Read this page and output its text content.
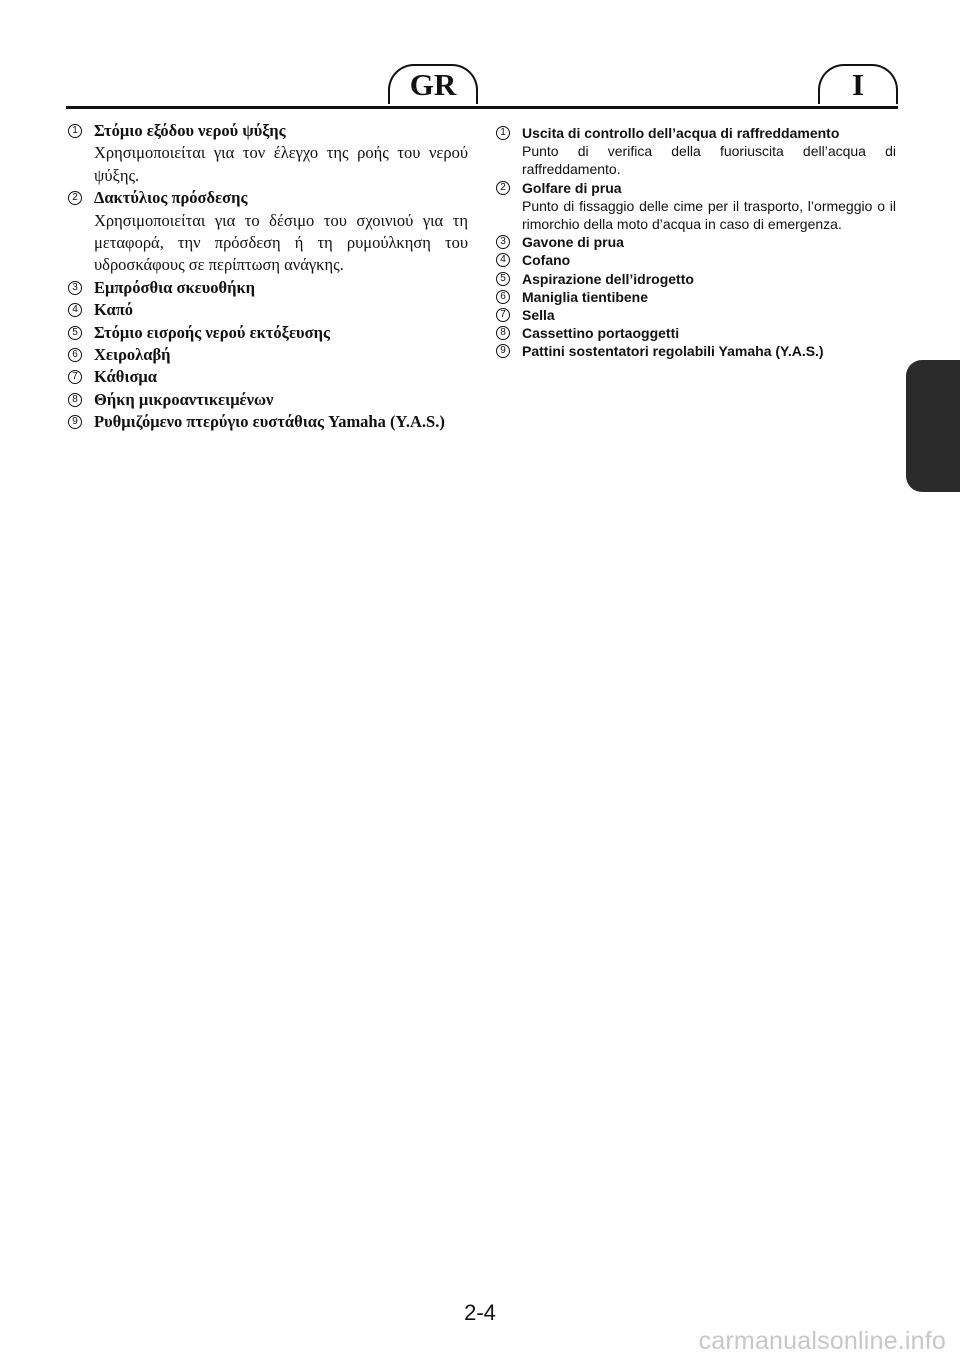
GR	I
1 Στόμιο εξόδου νερού ψύξης
Χρησιμοποιείται για τον έλεγχο της ροής του νερού ψύξης.
2 Δακτύλιος πρόσδεσης
Χρησιμοποιείται για το δέσιμο του σχοινιού για τη μεταφορά, την πρόσδεση ή τη ρυμούλκηση του υδροσκάφους σε περίπτωση ανάγκης.
3 Εμπρόσθια σκευοθήκη
4 Καπό
5 Στόμιο εισροής νερού εκτόξευσης
6 Χειρολαβή
7 Κάθισμα
8 Θήκη μικροαντικειμένων
9 Ρυθμιζόμενο πτερύγιο ευστάθιας Yamaha (Y.A.S.)
1	Uscita di controllo dell’acqua di raffreddamento
Punto di verifica della fuoriuscita dell’acqua di raffreddamento.
2	Golfare di prua
Punto di fissaggio delle cime per il trasporto, l’ormeggio o il rimorchio della moto d’acqua in caso di emergenza.
3	Gavone di prua
4	Cofano
5	Aspirazione dell’idrogetto
6	Maniglia tientibene
7	Sella
8	Cassettino portaoggetti
9	Pattini sostentatori regolabili Yamaha (Y.A.S.)
2-4
carmanualsonline.info
